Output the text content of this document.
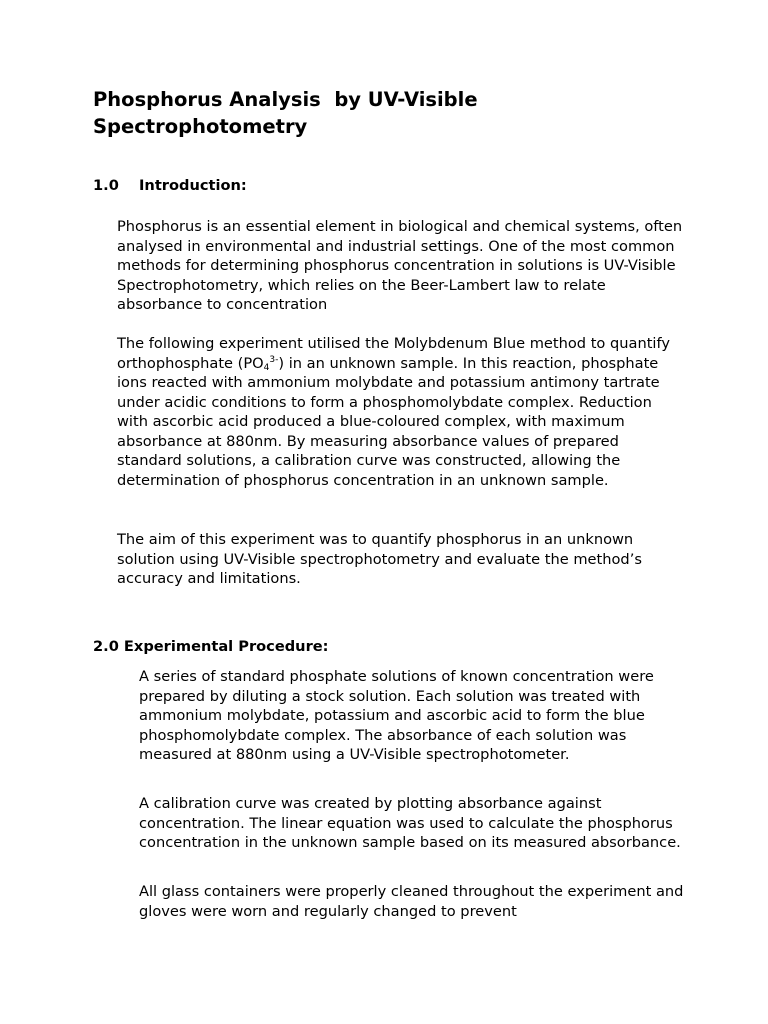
Phosphorus Analysis  by UV-Visible Spectrophotometry
1.0 Introduction:

Phosphorus is an essential element in biological and chemical systems, often analysed in environmental and industrial settings. One of the most common methods for determining phosphorus concentration in solutions is UV-Visible Spectrophotometry, which relies on the Beer-Lambert law to relate absorbance to concentration

The following experiment utilised the Molybdenum Blue method to quantify orthophosphate $(PO_4^{3-})$ in an unknown sample. In this reaction, phosphate ions reacted with ammonium molybdate and potassium antimony tartrate under acidic conditions to form a phosphomolybdate complex. Reduction with ascorbic acid produced a blue-coloured complex, with maximum absorbance at 880nm. By measuring absorbance values of prepared standard solutions, a calibration curve was constructed, allowing the determination of phosphorus concentration in an unknown sample.

The aim of this experiment was to quantify phosphorus in an unknown solution using UV-Visible spectrophotometry and evaluate the method’s accuracy and limitations.

2.0 Experimental Procedure:

A series of standard phosphate solutions of known concentration were prepared by diluting a stock solution. Each solution was treated with ammonium molybdate, potassium and ascorbic acid to form the blue phosphomolybdate complex. The absorbance of each solution was measured at 880nm using a UV-Visible spectrophotometer.

A calibration curve was created by plotting absorbance against concentration. The linear equation was used to calculate the phosphorus concentration in the unknown sample based on its measured absorbance.

All glass containers were properly cleaned throughout the experiment and gloves were worn and regularly changed to prevent
